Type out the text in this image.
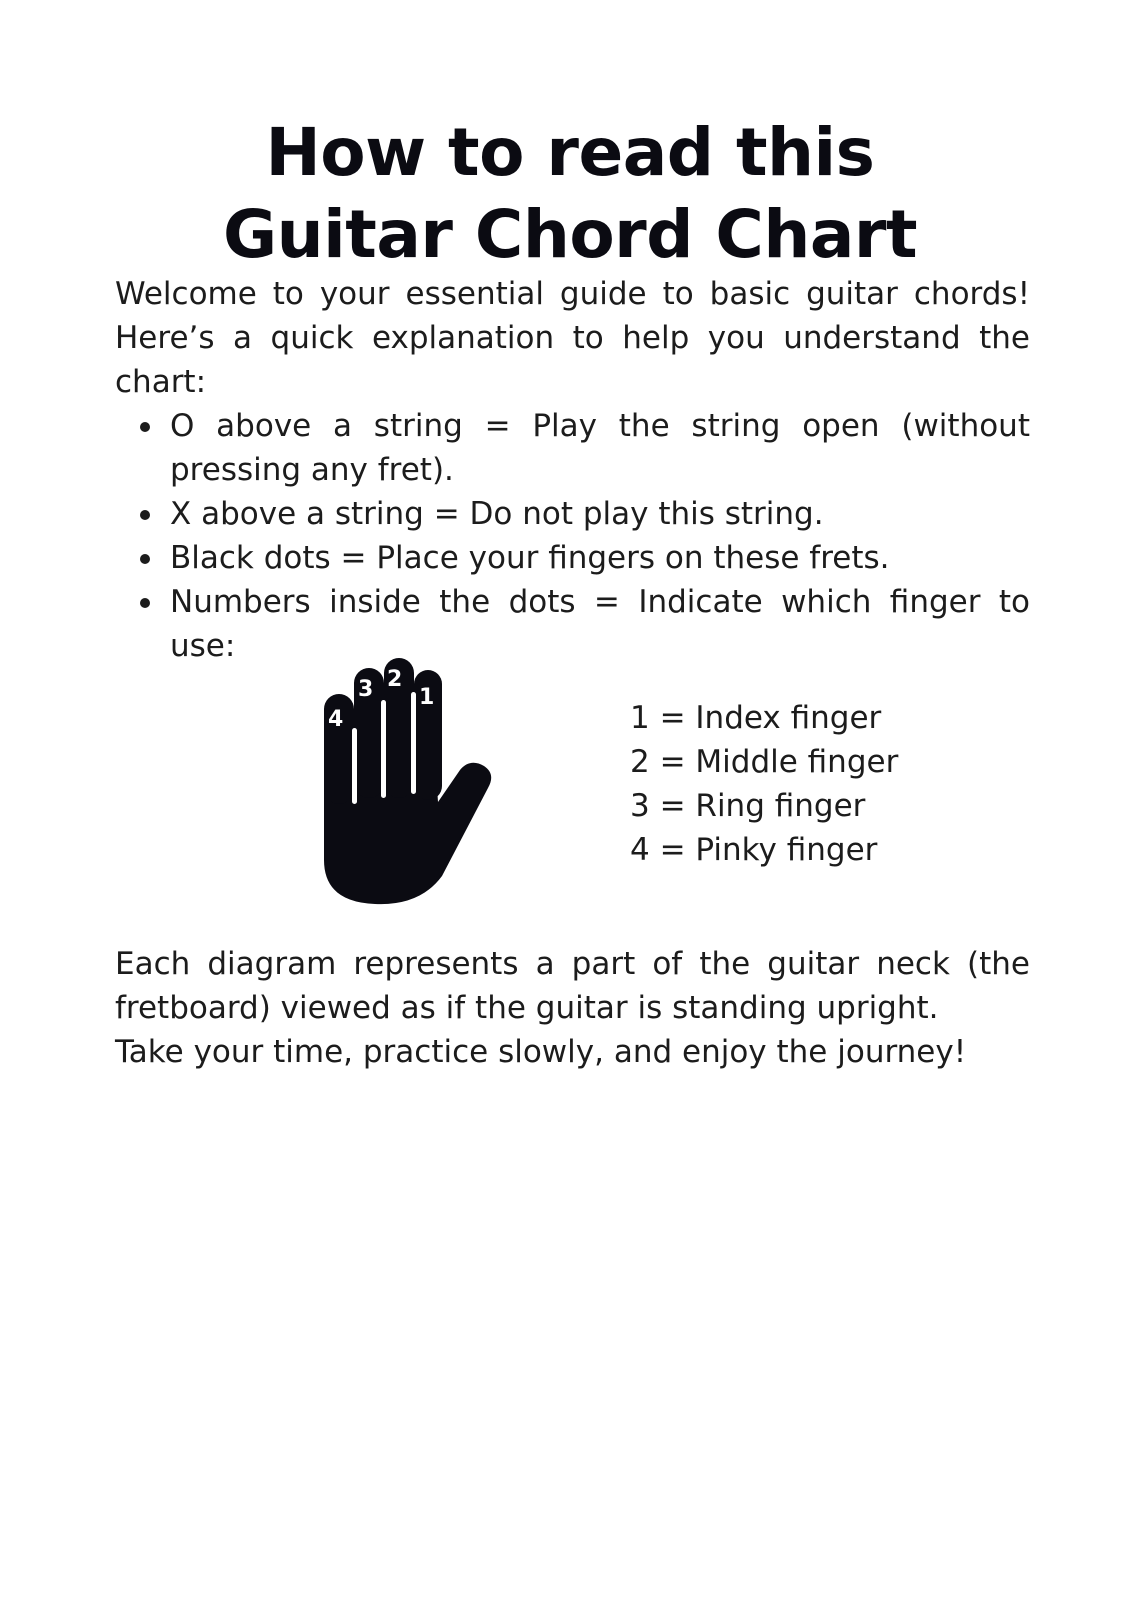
How to read this
Guitar Chord Chart

Welcome to your essential guide to basic guitar chords! Here’s a quick explanation to help you understand the chart:

O above a string = Play the string open (without pressing any fret).
X above a string = Do not play this string.
Black dots = Place your fingers on these frets.
Numbers inside the dots = Indicate which finger to use:
4
3 2
1
1 = Index finger
2 = Middle finger
3 = Ring finger
4 = Pinky finger

Each diagram represents a part of the guitar neck (the
fretboard) viewed as if the guitar is standing upright.
Take your time, practice slowly, and enjoy the journey!
